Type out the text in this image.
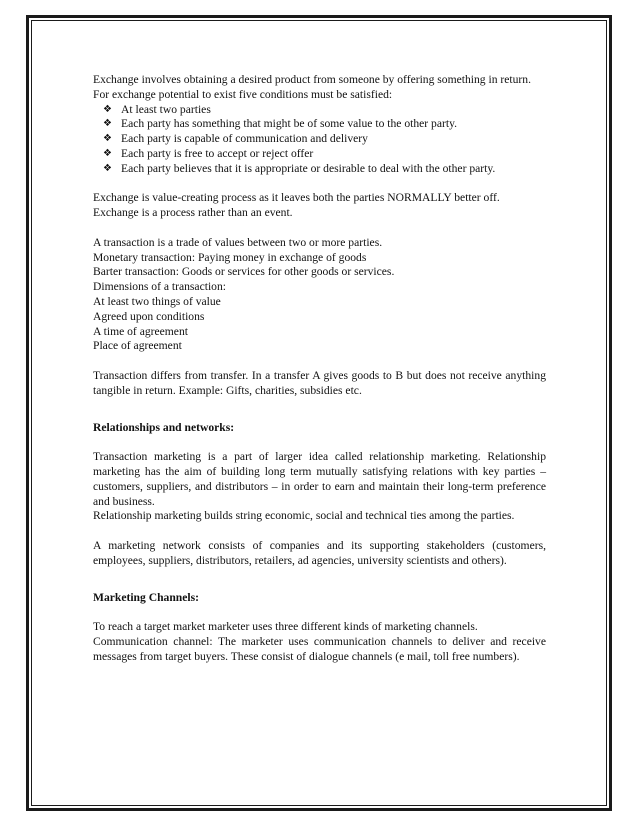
Exchange involves obtaining a desired product from someone by offering something in return.

For exchange potential to exist five conditions must be satisfied:

❖ At least two parties
❖ Each party has something that might be of some value to the other party.
❖ Each party is capable of communication and delivery
❖ Each party is free to accept or reject offer
❖ Each party believes that it is appropriate or desirable to deal with the other party.

Exchange is value-creating process as it leaves both the parties NORMALLY better off.

Exchange is a process rather than an event.

A transaction is a trade of values between two or more parties.

Monetary transaction: Paying money in exchange of goods

Barter transaction: Goods or services for other goods or services.

Dimensions of a transaction:

At least two things of value

Agreed upon conditions

A time of agreement

Place of agreement

Transaction differs from transfer. In a transfer A gives goods to B but does not receive anything tangible in return. Example: Gifts, charities, subsidies etc.

Relationships and networks:

Transaction marketing is a part of larger idea called relationship marketing. Relationship marketing has the aim of building long term mutually satisfying relations with key parties – customers, suppliers, and distributors – in order to earn and maintain their long-term preference and business.

Relationship marketing builds string economic, social and technical ties among the parties.

A marketing network consists of companies and its supporting stakeholders (customers, employees, suppliers, distributors, retailers, ad agencies, university scientists and others).

Marketing Channels:

To reach a target market marketer uses three different kinds of marketing channels.

Communication channel: The marketer uses communication channels to deliver and receive messages from target buyers. These consist of dialogue channels (e mail, toll free numbers).
